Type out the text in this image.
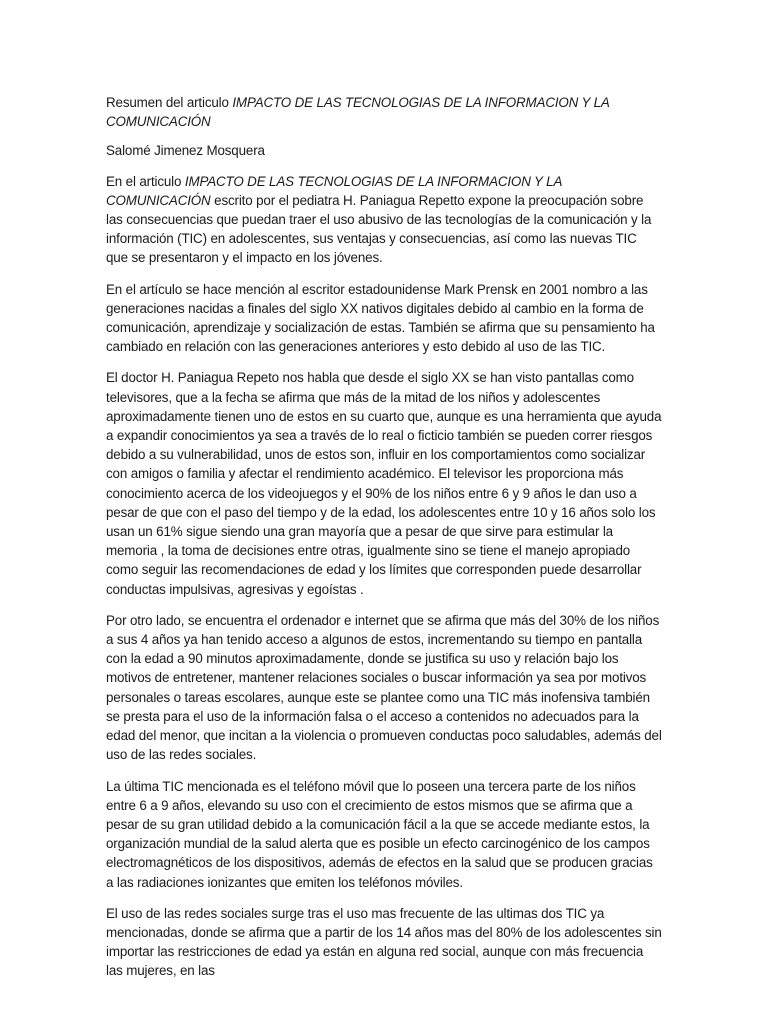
Resumen del articulo IMPACTO DE LAS TECNOLOGIAS DE LA INFORMACION Y LA COMUNICACIÓN
Salomé Jimenez Mosquera
En el articulo IMPACTO DE LAS TECNOLOGIAS DE LA INFORMACION Y LA COMUNICACIÓN escrito por el pediatra H. Paniagua Repetto expone la preocupación sobre las consecuencias que puedan traer el uso abusivo de las tecnologías de la comunicación y la información (TIC) en adolescentes, sus ventajas y consecuencias, así como las nuevas TIC que se presentaron y el impacto en los jóvenes.
En el artículo se hace mención al escritor estadounidense Mark Prensk en 2001 nombro a las generaciones nacidas a finales del siglo XX nativos digitales debido al cambio en la forma de comunicación, aprendizaje y socialización de estas. También se afirma que su pensamiento ha cambiado en relación con las generaciones anteriores y esto debido al uso de las TIC.
El doctor H. Paniagua Repeto nos habla que desde el siglo XX se han visto pantallas como televisores, que a la fecha se afirma que más de la mitad de los niños y adolescentes aproximadamente tienen uno de estos en su cuarto que, aunque es una herramienta que ayuda a expandir conocimientos ya sea a través de lo real o ficticio también se pueden correr riesgos debido a su vulnerabilidad, unos de estos son, influir en los comportamientos como socializar con amigos o familia y afectar el rendimiento académico. El televisor les proporciona más conocimiento acerca de los videojuegos y el 90% de los niños entre 6 y 9 años le dan uso a pesar de que con el paso del tiempo y de la edad, los adolescentes entre 10 y 16 años solo los usan un 61% sigue siendo una gran mayoría que a pesar de que sirve para estimular la memoria , la toma de decisiones entre otras, igualmente sino se tiene el manejo apropiado como seguir las recomendaciones de edad y los límites que corresponden puede desarrollar conductas impulsivas, agresivas y egoístas .
Por otro lado, se encuentra el ordenador e internet que se afirma que más del 30% de los niños a sus 4 años ya han tenido acceso a algunos de estos, incrementando su tiempo en pantalla con la edad a 90 minutos aproximadamente, donde se justifica su uso y relación bajo los motivos de entretener, mantener relaciones sociales o buscar información ya sea por motivos personales o tareas escolares, aunque este se plantee como una TIC más inofensiva también se presta para el uso de la información falsa o el acceso a contenidos no adecuados para la edad del menor, que incitan a la violencia o promueven conductas poco saludables, además del uso de las redes sociales.
La última TIC mencionada es el teléfono móvil que lo poseen una tercera parte de los niños entre 6 a 9 años, elevando su uso con el crecimiento de estos mismos que se afirma que a pesar de su gran utilidad debido a la comunicación fácil a la que se accede mediante estos, la organización mundial de la salud alerta que es posible un efecto carcinogénico de los campos electromagnéticos de los dispositivos, además de efectos en la salud que se producen gracias a las radiaciones ionizantes que emiten los teléfonos móviles.
El uso de las redes sociales surge tras el uso mas frecuente de las ultimas dos TIC ya mencionadas, donde se afirma que a partir de los 14 años mas del 80% de los adolescentes sin importar las restricciones de edad ya están en alguna red social, aunque con más frecuencia las mujeres, en las
